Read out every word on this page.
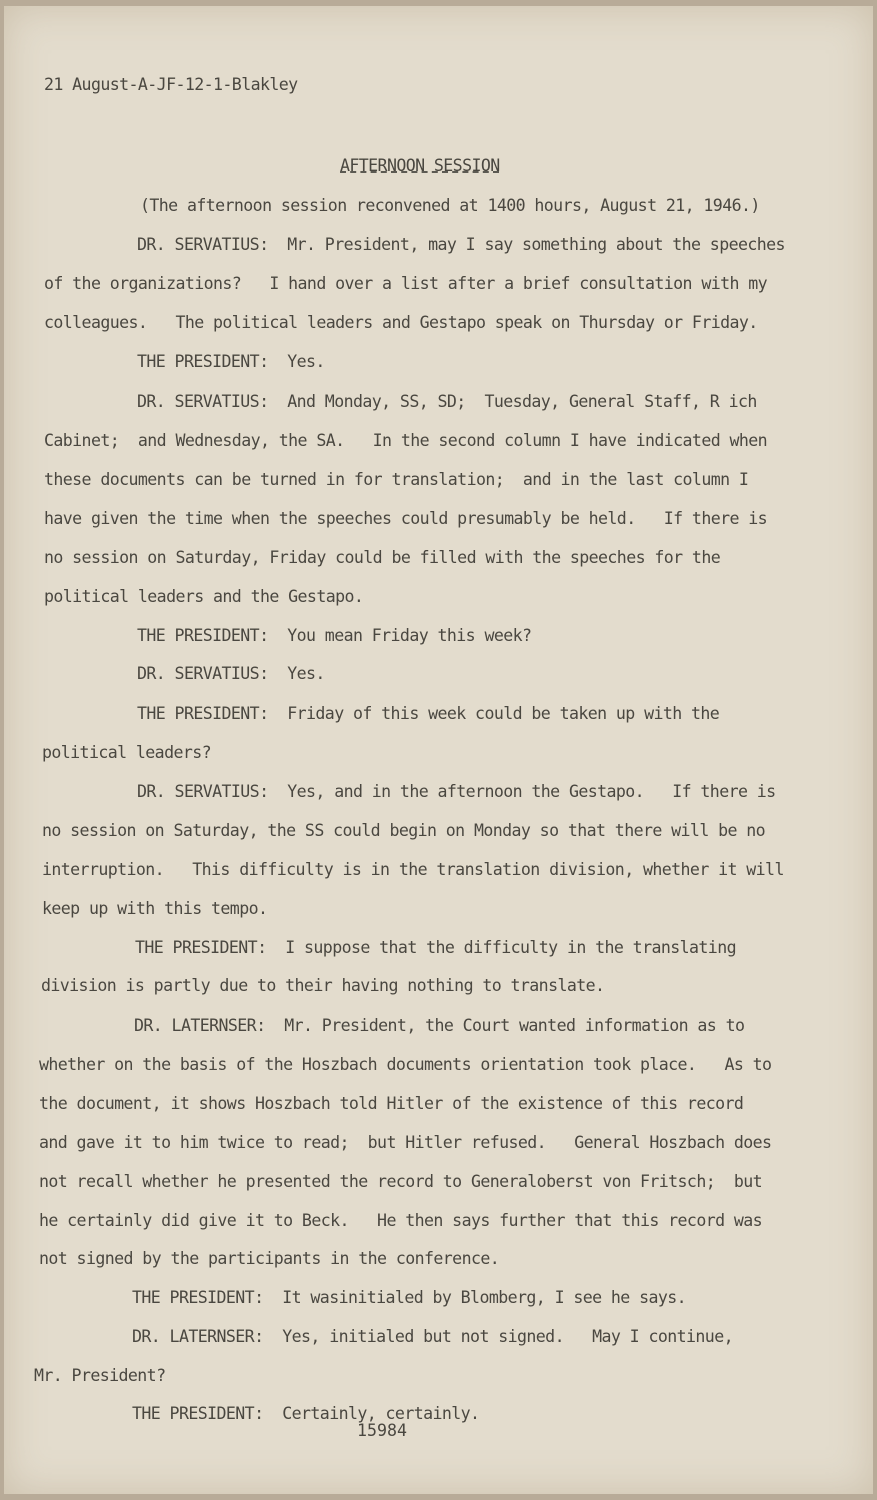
21 August-A-JF-12-1-Blakley
AFTERNOON SESSION
(The afternoon session reconvened at 1400 hours, August 21, 1946.)
DR. SERVATIUS:  Mr. President, may I say something about the speeches
of the organizations?   I hand over a list after a brief consultation with my
colleagues.   The political leaders and Gestapo speak on Thursday or Friday.
THE PRESIDENT:  Yes.
DR. SERVATIUS:  And Monday, SS, SD;  Tuesday, General Staff, R ich
Cabinet;  and Wednesday, the SA.   In the second column I have indicated when
these documents can be turned in for translation;  and in the last column I
have given the time when the speeches could presumably be held.   If there is
no session on Saturday, Friday could be filled with the speeches for the
political leaders and the Gestapo.
THE PRESIDENT:  You mean Friday this week?
DR. SERVATIUS:  Yes.
THE PRESIDENT:  Friday of this week could be taken up with the
political leaders?
DR. SERVATIUS:  Yes, and in the afternoon the Gestapo.   If there is
no session on Saturday, the SS could begin on Monday so that there will be no
interruption.   This difficulty is in the translation division, whether it will
keep up with this tempo.
THE PRESIDENT:  I suppose that the difficulty in the translating
division is partly due to their having nothing to translate.
DR. LATERNSER:  Mr. President, the Court wanted information as to
whether on the basis of the Hoszbach documents orientation took place.   As to
the document, it shows Hoszbach told Hitler of the existence of this record
and gave it to him twice to read;  but Hitler refused.   General Hoszbach does
not recall whether he presented the record to Generaloberst von Fritsch;  but
he certainly did give it to Beck.   He then says further that this record was
not signed by the participants in the conference.
THE PRESIDENT:  It wasinitialed by Blomberg, I see he says.
DR. LATERNSER:  Yes, initialed but not signed.   May I continue,
Mr. President?
THE PRESIDENT:  Certainly, certainly.
15984
